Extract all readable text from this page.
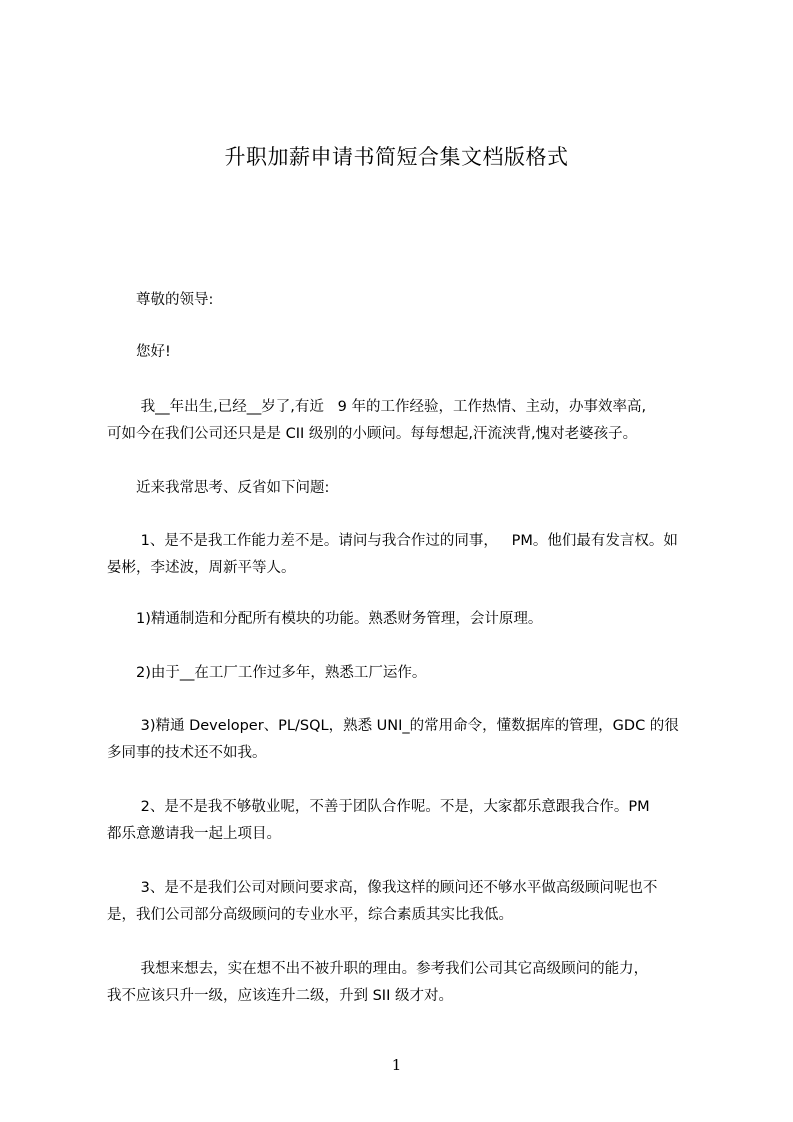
升职加薪申请书简短合集文档版格式
尊敬的领导:
您好!
我__年出生,已经__岁了,有近   9 年的工作经验，工作热情、主动，办事效率高,
可如今在我们公司还只是是 CII 级别的小顾问。每每想起,汗流浃背,愧对老婆孩子。
近来我常思考、反省如下问题:
1、是不是我工作能力差不是。请问与我合作过的同事，   PM。他们最有发言权。如
晏彬，李述波，周新平等人。
1)精通制造和分配所有模块的功能。熟悉财务管理，会计原理。
2)由于__在工厂工作过多年，熟悉工厂运作。
3)精通 Developer、PL/SQL，熟悉 UNI_的常用命令，懂数据库的管理，GDC 的很
多同事的技术还不如我。
2、是不是我不够敬业呢，不善于团队合作呢。不是，大家都乐意跟我合作。PM
都乐意邀请我一起上项目。
3、是不是我们公司对顾问要求高，像我这样的顾问还不够水平做高级顾问呢也不
是，我们公司部分高级顾问的专业水平，综合素质其实比我低。
我想来想去，实在想不出不被升职的理由。参考我们公司其它高级顾问的能力，
我不应该只升一级，应该连升二级，升到 SII 级才对。
1
